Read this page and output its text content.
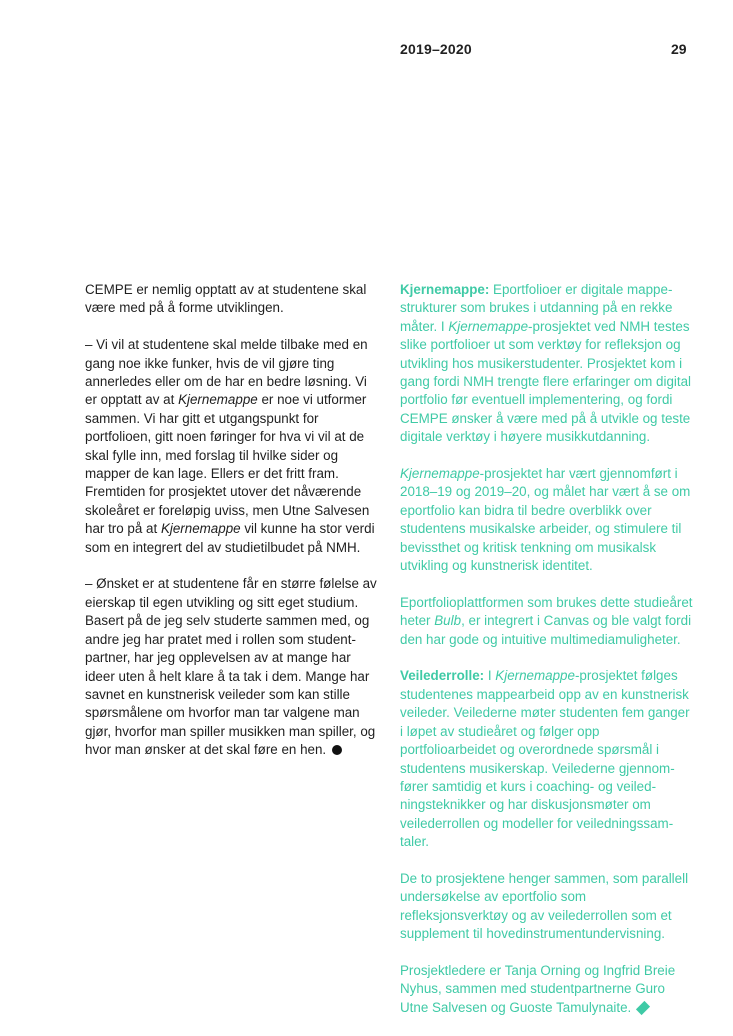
2019–2020	29

CEMPE er nemlig opptatt av at studentene skal være med på å forme utviklingen.

– Vi vil at studentene skal melde tilbake med en gang noe ikke funker, hvis de vil gjøre ting annerledes eller om de har en bedre løsning. Vi er opptatt av at Kjernemappe er noe vi utformer sammen. Vi har gitt et utgangspunkt for portfolioen, gitt noen føringer for hva vi vil at de skal fylle inn, med forslag til hvilke sider og mapper de kan lage. Ellers er det fritt fram. Fremtiden for prosjektet utover det nåværende skoleåret er foreløpig uviss, men Utne Salvesen har tro på at Kjernemappe vil kunne ha stor verdi som en integrert del av studietilbudet på NMH.

– Ønsket er at studentene får en større følelse av eierskap til egen utvikling og sitt eget studium. Basert på de jeg selv studerte sammen med, og andre jeg har pratet med i rollen som studentpartner, har jeg opplevelsen av at mange har ideer uten å helt klare å ta tak i dem. Mange har savnet en kunstnerisk veileder som kan stille spørsmålene om hvorfor man tar valgene man gjør, hvorfor man spiller musikken man spiller, og hvor man ønsker at det skal føre en hen.

Kjernemappe: Eportfolioer er digitale mappestrukturer som brukes i utdanning på en rekke måter. I Kjernemappe-prosjektet ved NMH testes slike portfolioer ut som verktøy for refleksjon og utvikling hos musikerstudenter. Prosjektet kom i gang fordi NMH trengte flere erfaringer om digital portfolio før eventuell implementering, og fordi CEMPE ønsker å være med på å utvikle og teste digitale verktøy i høyere musikkutdanning.

Kjernemappe-prosjektet har vært gjennomført i 2018–19 og 2019–20, og målet har vært å se om eportfolio kan bidra til bedre overblikk over studentens musikalske arbeider, og stimulere til bevissthet og kritisk tenkning om musikalsk utvikling og kunstnerisk identitet.

Eportfolioplattformen som brukes dette studieåret heter Bulb, er integrert i Canvas og ble valgt fordi den har gode og intuitive multimediamuligheter.

Veilederrolle: I Kjernemappe-prosjektet følges studentenes mappearbeid opp av en kunstnerisk veileder. Veilederne møter studenten fem ganger i løpet av studieåret og følger opp portfolioarbeidet og overordnede spørsmål i studentens musikerskap. Veilederne gjennomfører samtidig et kurs i coaching- og veiledningsteknikker og har diskusjonsmøter om veilederrollen og modeller for veiledningssamtaler.

De to prosjektene henger sammen, som parallell undersøkelse av eportfolio som refleksjonsverktøy og av veilederrollen som et supplement til hovedinstrumentundervisning.

Prosjektledere er Tanja Orning og Ingfrid Breie Nyhus, sammen med studentpartnerne Guro Utne Salvesen og Guoste Tamulynaite.
